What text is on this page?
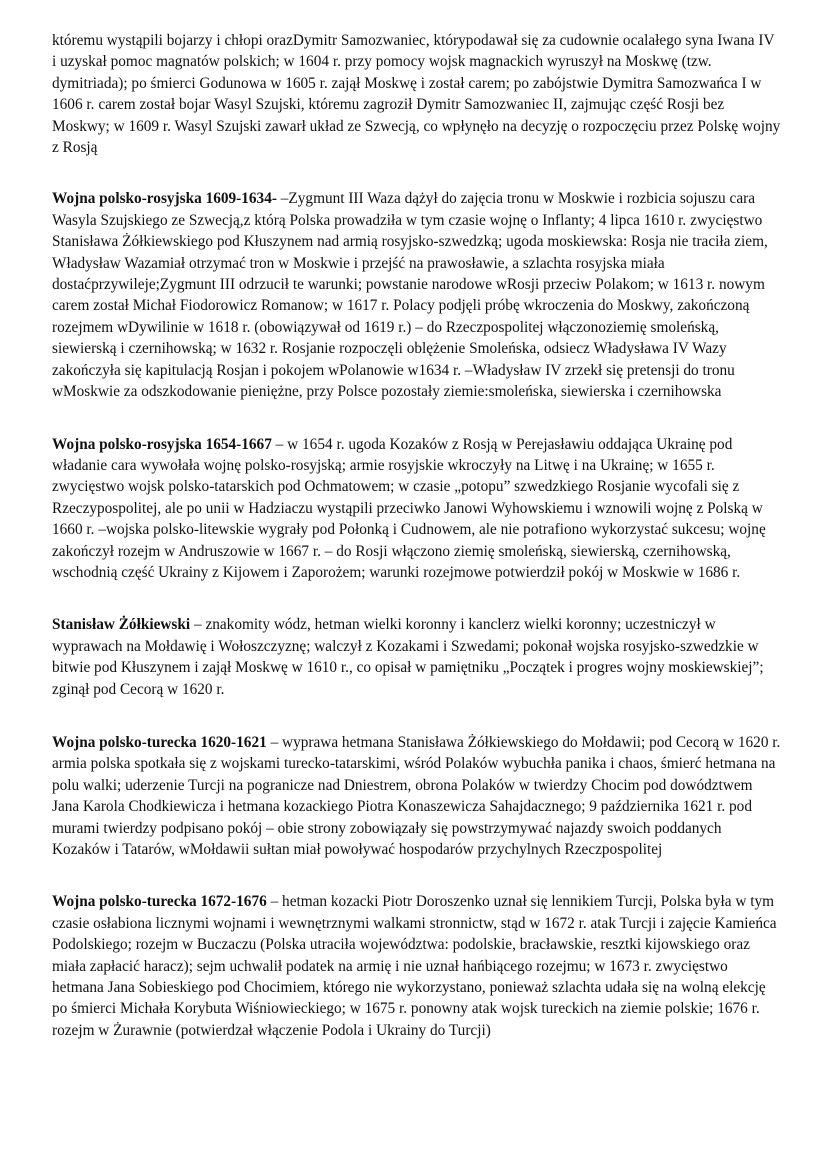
któremu wystąpili bojarzy i chłopi orazDymitr Samozwaniec, którypodawał się za cudownie ocalałego syna Iwana IV i uzyskał pomoc magnatów polskich; w 1604 r. przy pomocy wojsk magnackich wyruszył na Moskwę (tzw. dymitriada); po śmierci Godunowa w 1605 r. zajął Moskwę i został carem; po zabójstwie Dymitra Samozwańca I w 1606 r. carem został bojar Wasyl Szujski, któremu zagroził Dymitr Samozwaniec II, zajmując część Rosji bez Moskwy; w 1609 r. Wasyl Szujski zawarł układ ze Szwecją, co wpłynęło na decyzję o rozpoczęciu przez Polskę wojny z Rosją

Wojna polsko-rosyjska 1609-1634- –Zygmunt III Waza dążył do zajęcia tronu w Moskwie i rozbicia sojuszu cara Wasyla Szujskiego ze Szwecją,z którą Polska prowadziła w tym czasie wojnę o Inflanty; 4 lipca 1610 r. zwycięstwo Stanisława Żółkiewskiego pod Kłuszynem nad armią rosyjsko-szwedzką; ugoda moskiewska: Rosja nie traciła ziem, Władysław Wazamiał otrzymać tron w Moskwie i przejść na prawosławie, a szlachta rosyjska miała dostaćprzywileje;Zygmunt III odrzucił te warunki; powstanie narodowe wRosji przeciw Polakom; w 1613 r. nowym carem został Michał Fiodorowicz Romanow; w 1617 r. Polacy podjęli próbę wkroczenia do Moskwy, zakończoną rozejmem wDywilinie w 1618 r. (obowiązywał od 1619 r.) – do Rzeczpospolitej włączonoziemię smoleńską, siewierską i czernihowską; w 1632 r. Rosjanie rozpoczęli oblężenie Smoleńska, odsiecz Władysława IV Wazy zakończyła się kapitulacją Rosjan i pokojem wPolanowie w1634 r. –Władysław IV zrzekł się pretensji do tronu wMoskwie za odszkodowanie pieniężne, przy Polsce pozostały ziemie:smoleńska, siewierska i czernihowska

Wojna polsko-rosyjska 1654-1667 – w 1654 r. ugoda Kozaków z Rosją w Perejasławiu oddająca Ukrainę pod władanie cara wywołała wojnę polsko-rosyjską; armie rosyjskie wkroczyły na Litwę i na Ukrainę; w 1655 r. zwycięstwo wojsk polsko-tatarskich pod Ochmatowem; w czasie „potopu” szwedzkiego Rosjanie wycofali się z Rzeczypospolitej, ale po unii w Hadziaczu wystąpili przeciwko Janowi Wyhowskiemu i wznowili wojnę z Polską w 1660 r. –wojska polsko-litewskie wygrały pod Połonką i Cudnowem, ale nie potrafiono wykorzystać sukcesu; wojnę zakończył rozejm w Andruszowie w 1667 r. – do Rosji włączono ziemię smoleńską, siewierską, czernihowską, wschodnią część Ukrainy z Kijowem i Zaporożem; warunki rozejmowe potwierdził pokój w Moskwie w 1686 r.

Stanisław Żółkiewski – znakomity wódz, hetman wielki koronny i kanclerz wielki koronny; uczestniczył w wyprawach na Mołdawię i Wołoszczyznę; walczył z Kozakami i Szwedami; pokonał wojska rosyjsko-szwedzkie w bitwie pod Kłuszynem i zajął Moskwę w 1610 r., co opisał w pamiętniku „Początek i progres wojny moskiewskiej”; zginął pod Cecorą w 1620 r.

Wojna polsko-turecka 1620-1621 – wyprawa hetmana Stanisława Żółkiewskiego do Mołdawii; pod Cecorą w 1620 r. armia polska spotkała się z wojskami turecko-tatarskimi, wśród Polaków wybuchła panika i chaos, śmierć hetmana na polu walki; uderzenie Turcji na pogranicze nad Dniestrem, obrona Polaków w twierdzy Chocim pod dowództwem Jana Karola Chodkiewicza i hetmana kozackiego Piotra Konaszewicza Sahajdacznego; 9 października 1621 r. pod murami twierdzy podpisano pokój – obie strony zobowiązały się powstrzymywać najazdy swoich poddanych Kozaków i Tatarów, wMołdawii sułtan miał powoływać hospodarów przychylnych Rzeczpospolitej

Wojna polsko-turecka 1672-1676 – hetman kozacki Piotr Doroszenko uznał się lennikiem Turcji, Polska była w tym czasie osłabiona licznymi wojnami i wewnętrznymi walkami stronnictw, stąd w 1672 r. atak Turcji i zajęcie Kamieńca Podolskiego; rozejm w Buczaczu (Polska utraciła województwa: podolskie, bracławskie, resztki kijowskiego oraz miała zapłacić haracz); sejm uchwalił podatek na armię i nie uznał hańbiącego rozejmu; w 1673 r. zwycięstwo hetmana Jana Sobieskiego pod Chocimiem, którego nie wykorzystano, ponieważ szlachta udała się na wolną elekcję po śmierci Michała Korybuta Wiśniowieckiego; w 1675 r. ponowny atak wojsk tureckich na ziemie polskie; 1676 r. rozejm w Żurawnie (potwierdzał włączenie Podola i Ukrainy do Turcji)
